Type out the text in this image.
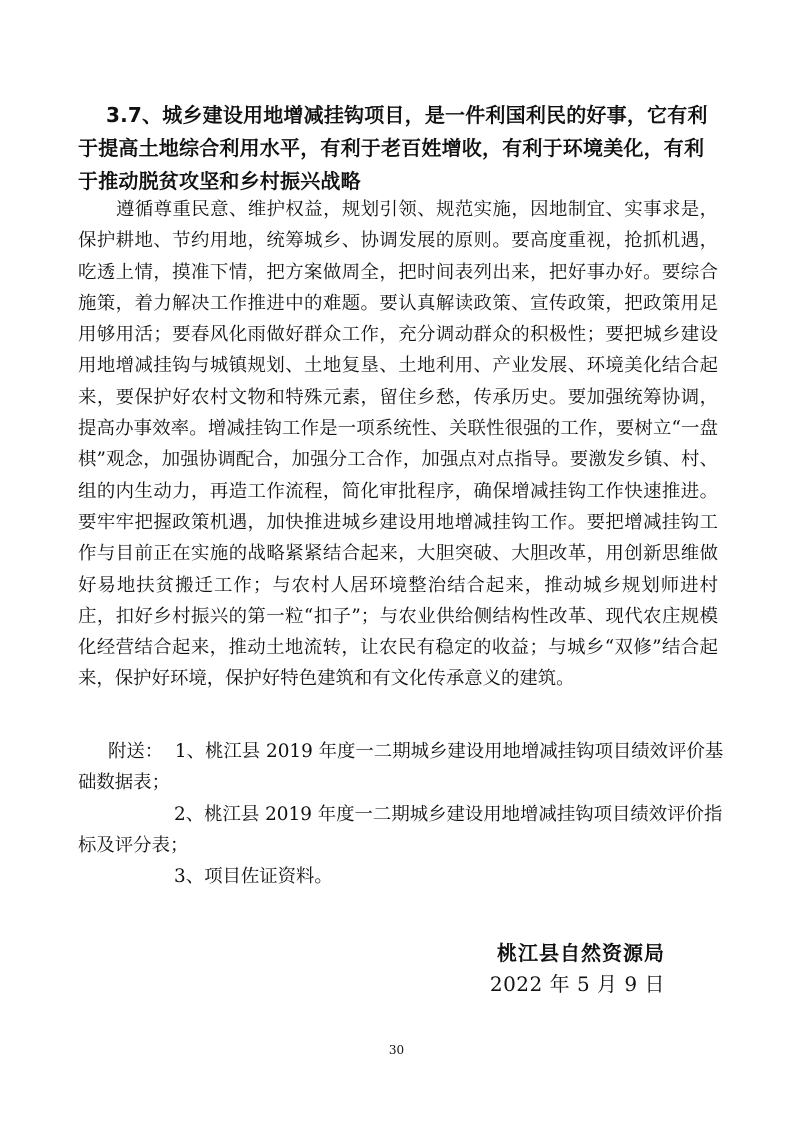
3.7、城乡建设用地增减挂钩项目，是一件利国利民的好事，它有利于提高土地综合利用水平，有利于老百姓增收，有利于环境美化，有利于推动脱贫攻坚和乡村振兴战略
遵循尊重民意、维护权益，规划引领、规范实施，因地制宜、实事求是，保护耕地、节约用地，统筹城乡、协调发展的原则。要高度重视，抢抓机遇，吃透上情，摸准下情，把方案做周全，把时间表列出来，把好事办好。要综合施策，着力解决工作推进中的难题。要认真解读政策、宣传政策，把政策用足用够用活；要春风化雨做好群众工作，充分调动群众的积极性；要把城乡建设用地增减挂钩与城镇规划、土地复垦、土地利用、产业发展、环境美化结合起来，要保护好农村文物和特殊元素，留住乡愁，传承历史。要加强统筹协调，提高办事效率。增减挂钩工作是一项系统性、关联性很强的工作，要树立“一盘棋”观念，加强协调配合，加强分工合作，加强点对点指导。要激发乡镇、村、组的内生动力，再造工作流程，简化审批程序，确保增减挂钩工作快速推进。要牢牢把握政策机遇，加快推进城乡建设用地增减挂钩工作。要把增减挂钩工作与目前正在实施的战略紧紧结合起来，大胆突破、大胆改革，用创新思维做好易地扶贫搬迁工作；与农村人居环境整治结合起来，推动城乡规划师进村庄，扣好乡村振兴的第一粒“扣子”；与农业供给侧结构性改革、现代农庄规模化经营结合起来，推动土地流转，让农民有稳定的收益；与城乡“双修”结合起来，保护好环境，保护好特色建筑和有文化传承意义的建筑。
附送： 1、桃江县 2019 年度一二期城乡建设用地增减挂钩项目绩效评价基
础数据表；
2、桃江县 2019 年度一二期城乡建设用地增减挂钩项目绩效评价指
标及评分表；
3、项目佐证资料。
桃江县自然资源局
2022 年 5 月 9 日
30
